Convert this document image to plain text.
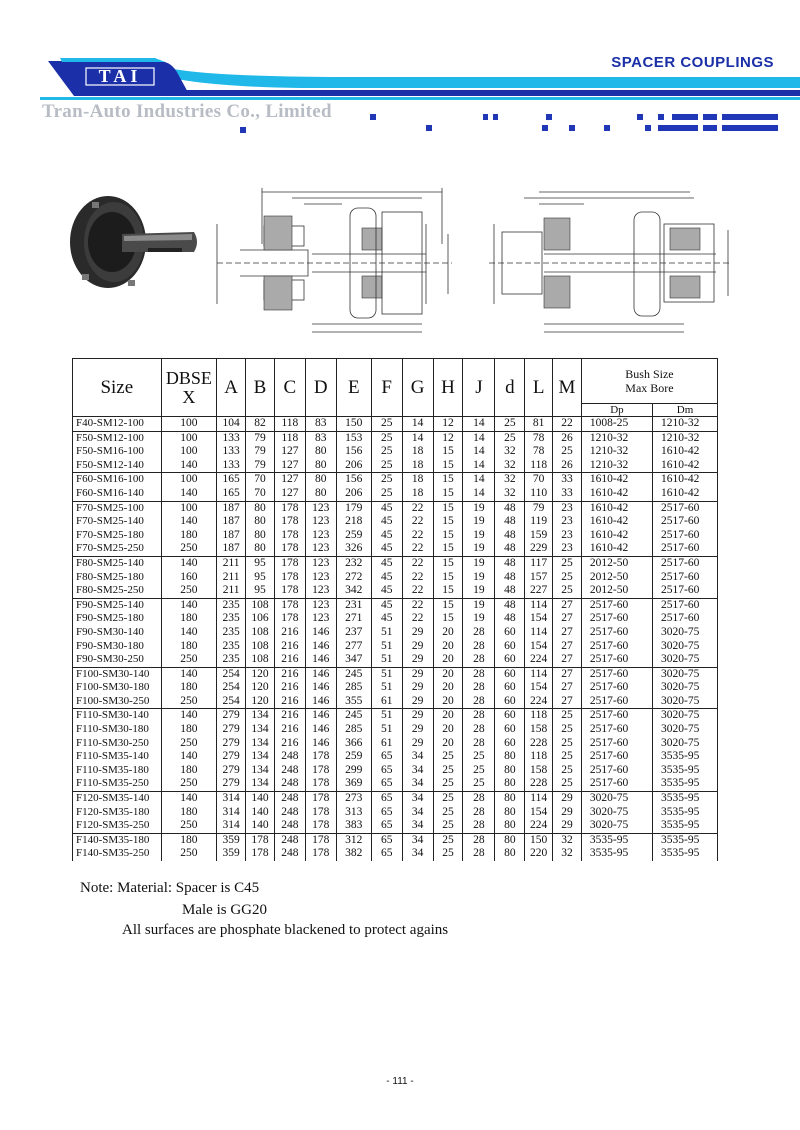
TAI
SPACER COUPLINGS
Tran-Auto Industries Co., Limited
Size	DBSE
X	A	B	C	D	E	F	G	H	J	d	L	M	Bush Size
Max Bore	
														Dp	Dm
F40-SM12-100	100	104	82	118	83	150	25	14	12	14	25	81	22	1008-25	1210-32
F50-SM12-100	100	133	79	118	83	153	25	14	12	14	25	78	26	1210-32	1210-32
F50-SM16-100	100	133	79	127	80	156	25	18	15	14	32	78	25	1210-32	1610-42
F50-SM12-140	140	133	79	127	80	206	25	18	15	14	32	118	26	1210-32	1610-42
F60-SM16-100	100	165	70	127	80	156	25	18	15	14	32	70	33	1610-42	1610-42
F60-SM16-140	140	165	70	127	80	206	25	18	15	14	32	110	33	1610-42	1610-42
F70-SM25-100	100	187	80	178	123	179	45	22	15	19	48	79	23	1610-42	2517-60
F70-SM25-140	140	187	80	178	123	218	45	22	15	19	48	119	23	1610-42	2517-60
F70-SM25-180	180	187	80	178	123	259	45	22	15	19	48	159	23	1610-42	2517-60
F70-SM25-250	250	187	80	178	123	326	45	22	15	19	48	229	23	1610-42	2517-60
F80-SM25-140	140	211	95	178	123	232	45	22	15	19	48	117	25	2012-50	2517-60
F80-SM25-180	160	211	95	178	123	272	45	22	15	19	48	157	25	2012-50	2517-60
F80-SM25-250	250	211	95	178	123	342	45	22	15	19	48	227	25	2012-50	2517-60
F90-SM25-140	140	235	108	178	123	231	45	22	15	19	48	114	27	2517-60	2517-60
F90-SM25-180	180	235	106	178	123	271	45	22	15	19	48	154	27	2517-60	2517-60
F90-SM30-140	140	235	108	216	146	237	51	29	20	28	60	114	27	2517-60	3020-75
F90-SM30-180	180	235	108	216	146	277	51	29	20	28	60	154	27	2517-60	3020-75
F90-SM30-250	250	235	108	216	146	347	51	29	20	28	60	224	27	2517-60	3020-75
F100-SM30-140	140	254	120	216	146	245	51	29	20	28	60	114	27	2517-60	3020-75
F100-SM30-180	180	254	120	216	146	285	51	29	20	28	60	154	27	2517-60	3020-75
F100-SM30-250	250	254	120	216	146	355	61	29	20	28	60	224	27	2517-60	3020-75
F110-SM30-140	140	279	134	216	146	245	51	29	20	28	60	118	25	2517-60	3020-75
F110-SM30-180	180	279	134	216	146	285	51	29	20	28	60	158	25	2517-60	3020-75
F110-SM30-250	250	279	134	216	146	366	61	29	20	28	60	228	25	2517-60	3020-75
F110-SM35-140	140	279	134	248	178	259	65	34	25	25	80	118	25	2517-60	3535-95
F110-SM35-180	180	279	134	248	178	299	65	34	25	25	80	158	25	2517-60	3535-95
F110-SM35-250	250	279	134	248	178	369	65	34	25	25	80	228	25	2517-60	3535-95
F120-SM35-140	140	314	140	248	178	273	65	34	25	28	80	114	29	3020-75	3535-95
F120-SM35-180	180	314	140	248	178	313	65	34	25	28	80	154	29	3020-75	3535-95
F120-SM35-250	250	314	140	248	178	383	65	34	25	28	80	224	29	3020-75	3535-95
F140-SM35-180	180	359	178	248	178	312	65	34	25	28	80	150	32	3535-95	3535-95
F140-SM35-250	250	359	178	248	178	382	65	34	25	28	80	220	32	3535-95	3535-95
Note: Material: Spacer is C45
Male is GG20
All surfaces are phosphate blackened to protect agains
- 111 -
